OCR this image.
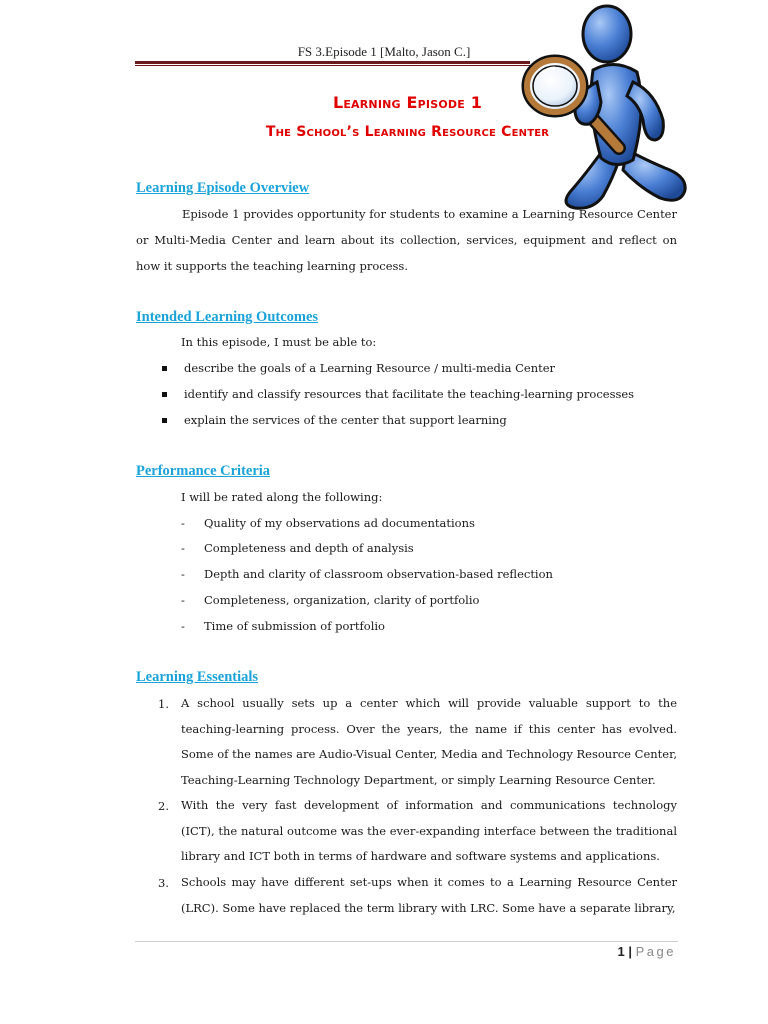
FS 3.Episode 1 [Malto, Jason C.]
Learning Episode 1
The School’s Learning Resource Center
Learning Episode Overview
Episode 1 provides opportunity for students to examine a Learning Resource Center or Multi-Media Center and learn about its collection, services, equipment and reflect on how it supports the teaching learning process.
Intended Learning Outcomes
In this episode, I must be able to:
describe the goals of a Learning Resource / multi-media Center
identify and classify resources that facilitate the teaching-learning processes
explain the services of the center that support learning
Performance Criteria
I will be rated along the following:
- Quality of my observations ad documentations
- Completeness and depth of analysis
- Depth and clarity of classroom observation-based reflection
- Completeness, organization, clarity of portfolio
- Time of submission of portfolio
Learning Essentials
1. A school usually sets up a center which will provide valuable support to the teaching-learning process. Over the years, the name if this center has evolved. Some of the names are Audio-Visual Center, Media and Technology Resource Center, Teaching-Learning Technology Department, or simply Learning Resource Center.
2. With the very fast development of information and communications technology (ICT), the natural outcome was the ever-expanding interface between the traditional library and ICT both in terms of hardware and software systems and applications.
3. Schools may have different set-ups when it comes to a Learning Resource Center (LRC). Some have replaced the term library with LRC. Some have a separate library,
1 | Page
